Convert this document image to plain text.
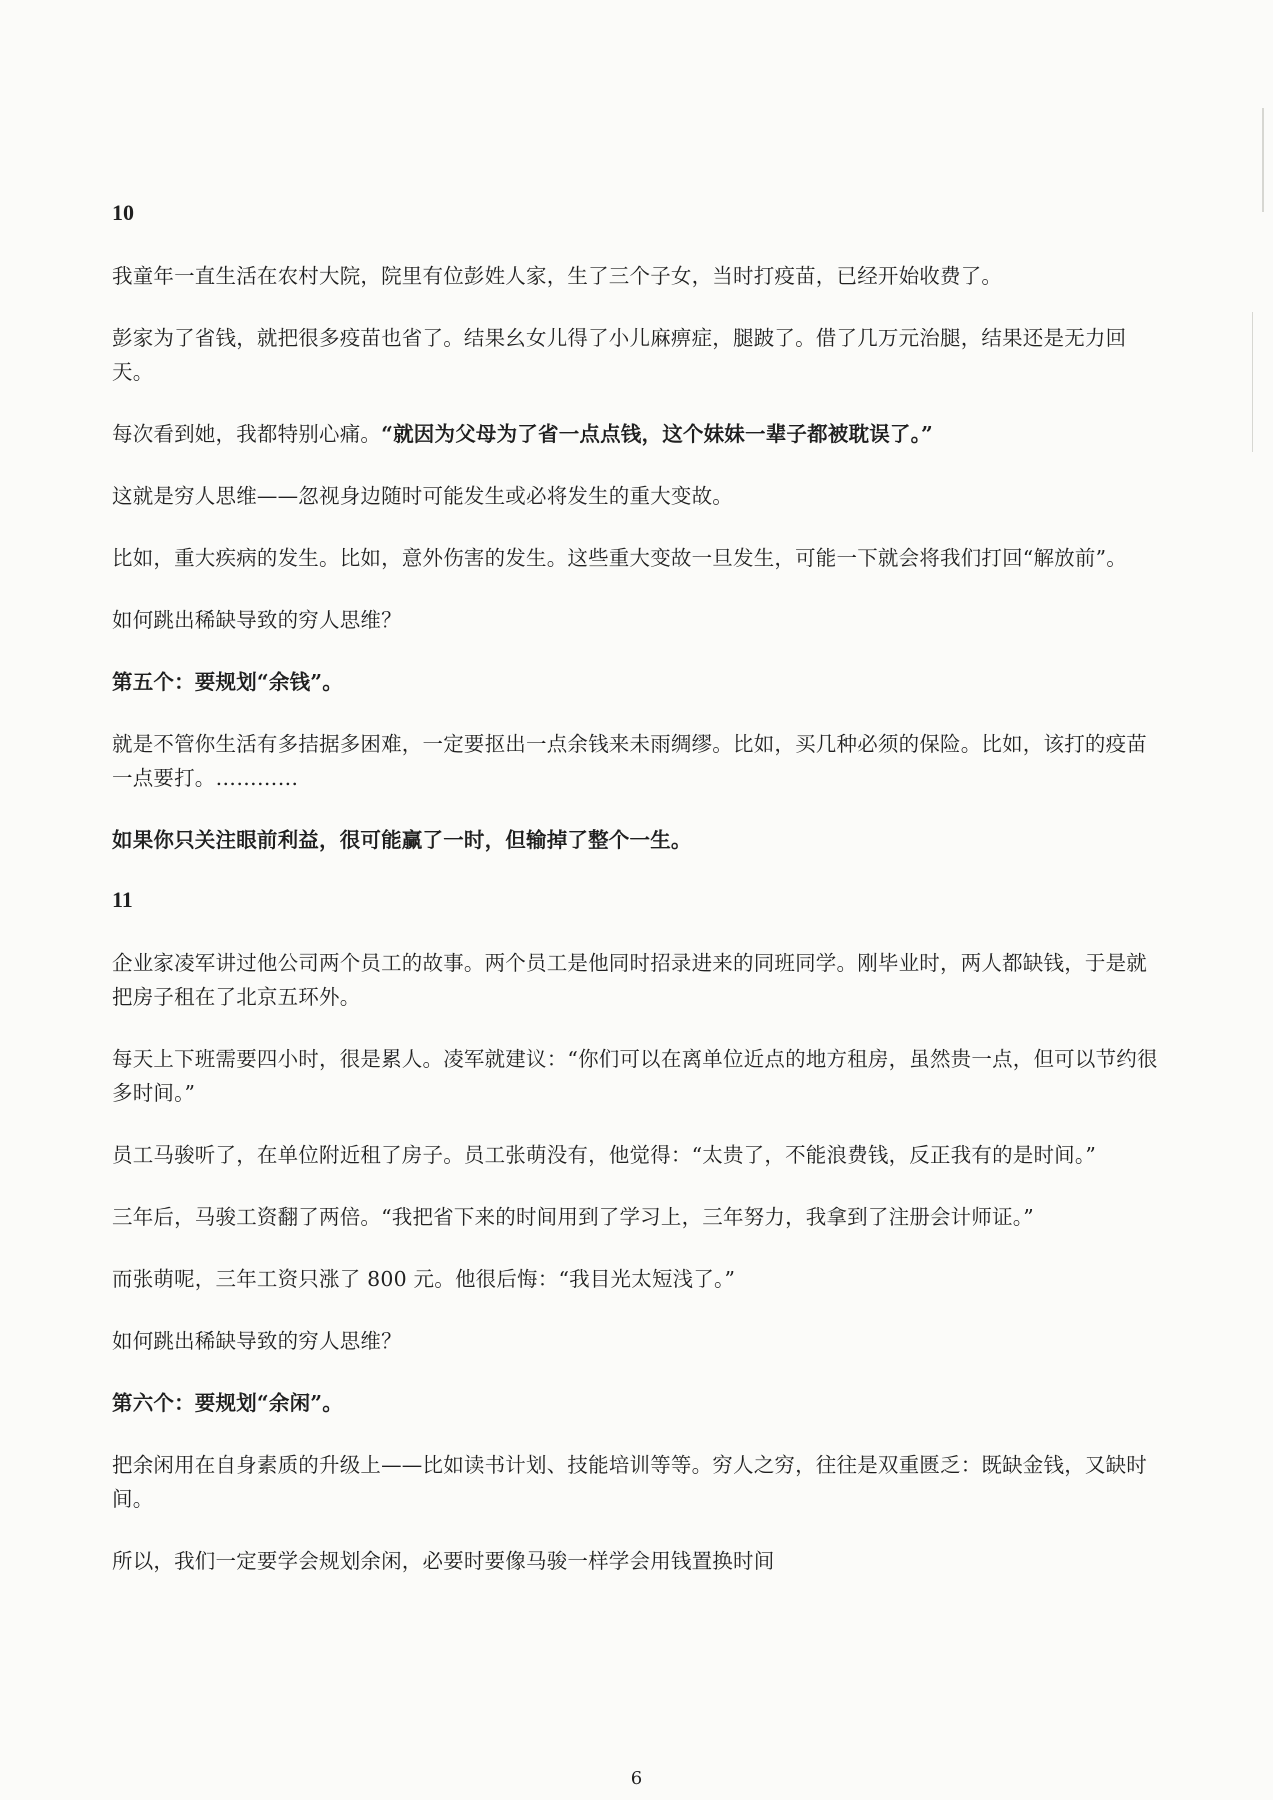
10

我童年一直生活在农村大院，院里有位彭姓人家，生了三个子女，当时打疫苗，已经开始收费了。

彭家为了省钱，就把很多疫苗也省了。结果幺女儿得了小儿麻痹症，腿跛了。借了几万元治腿，结果还是无力回天。

每次看到她，我都特别心痛。“就因为父母为了省一点点钱，这个妹妹一辈子都被耽误了。”

这就是穷人思维——忽视身边随时可能发生或必将发生的重大变故。

比如，重大疾病的发生。比如，意外伤害的发生。这些重大变故一旦发生，可能一下就会将我们打回“解放前”。

如何跳出稀缺导致的穷人思维？

第五个：要规划“余钱”。

就是不管你生活有多拮据多困难，一定要抠出一点余钱来未雨绸缪。比如，买几种必须的保险。比如，该打的疫苗一点要打。…………

如果你只关注眼前利益，很可能赢了一时，但输掉了整个一生。

11

企业家凌军讲过他公司两个员工的故事。两个员工是他同时招录进来的同班同学。刚毕业时，两人都缺钱，于是就把房子租在了北京五环外。

每天上下班需要四小时，很是累人。凌军就建议：“你们可以在离单位近点的地方租房，虽然贵一点，但可以节约很多时间。”

员工马骏听了，在单位附近租了房子。员工张萌没有，他觉得：“太贵了，不能浪费钱，反正我有的是时间。”

三年后，马骏工资翻了两倍。“我把省下来的时间用到了学习上，三年努力，我拿到了注册会计师证。”

而张萌呢，三年工资只涨了 800 元。他很后悔：“我目光太短浅了。”

如何跳出稀缺导致的穷人思维？

第六个：要规划“余闲”。

把余闲用在自身素质的升级上——比如读书计划、技能培训等等。穷人之穷，往往是双重匮乏：既缺金钱，又缺时间。

所以，我们一定要学会规划余闲，必要时要像马骏一样学会用钱置换时间

6
